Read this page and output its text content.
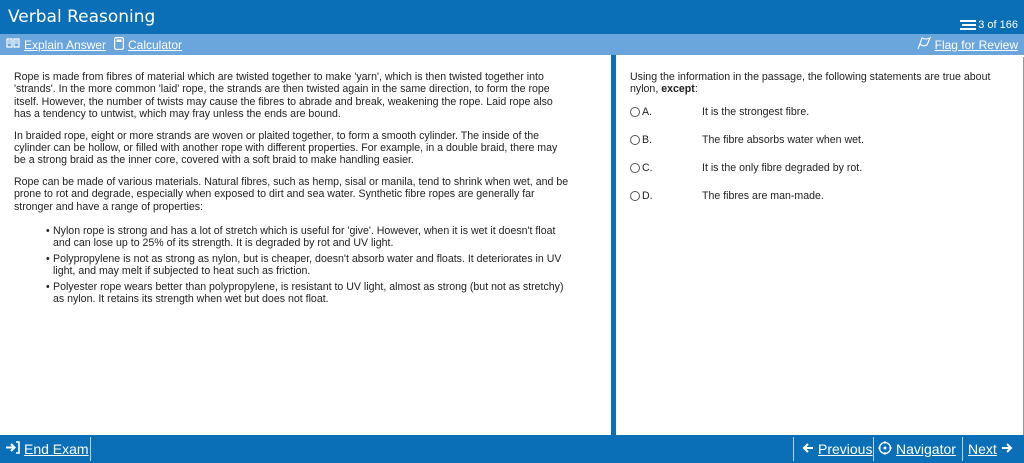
Verbal Reasoning	3 of 166
Explain Answer Calculator	Flag for Review

Rope is made from fibres of material which are twisted together to make 'yarn', which is then twisted together into 'strands'. In the more common 'laid' rope, the strands are then twisted again in the same direction, to form the rope itself. However, the number of twists may cause the fibres to abrade and break, weakening the rope. Laid rope also has a tendency to untwist, which may fray unless the ends are bound.

In braided rope, eight or more strands are woven or plaited together, to form a smooth cylinder. The inside of the cylinder can be hollow, or filled with another rope with different properties. For example, in a double braid, there may be a strong braid as the inner core, covered with a soft braid to make handling easier.

Rope can be made of various materials. Natural fibres, such as hemp, sisal or manila, tend to shrink when wet, and be prone to rot and degrade, especially when exposed to dirt and sea water. Synthetic fibre ropes are generally far stronger and have a range of properties:

• Nylon rope is strong and has a lot of stretch which is useful for 'give'. However, when it is wet it doesn't float and can lose up to 25% of its strength. It is degraded by rot and UV light.
• Polypropylene is not as strong as nylon, but is cheaper, doesn't absorb water and floats. It deteriorates in UV light, and may melt if subjected to heat such as friction.
• Polyester rope wears better than polypropylene, is resistant to UV light, almost as strong (but not as stretchy) as nylon. It retains its strength when wet but does not float.
Using the information in the passage, the following statements are true about nylon, except:
A.	It is the strongest fibre.
B.	The fibre absorbs water when wet.
C.	It is the only fibre degraded by rot.
D.	The fibres are man-made.
End Exam	Previous Navigator Next
